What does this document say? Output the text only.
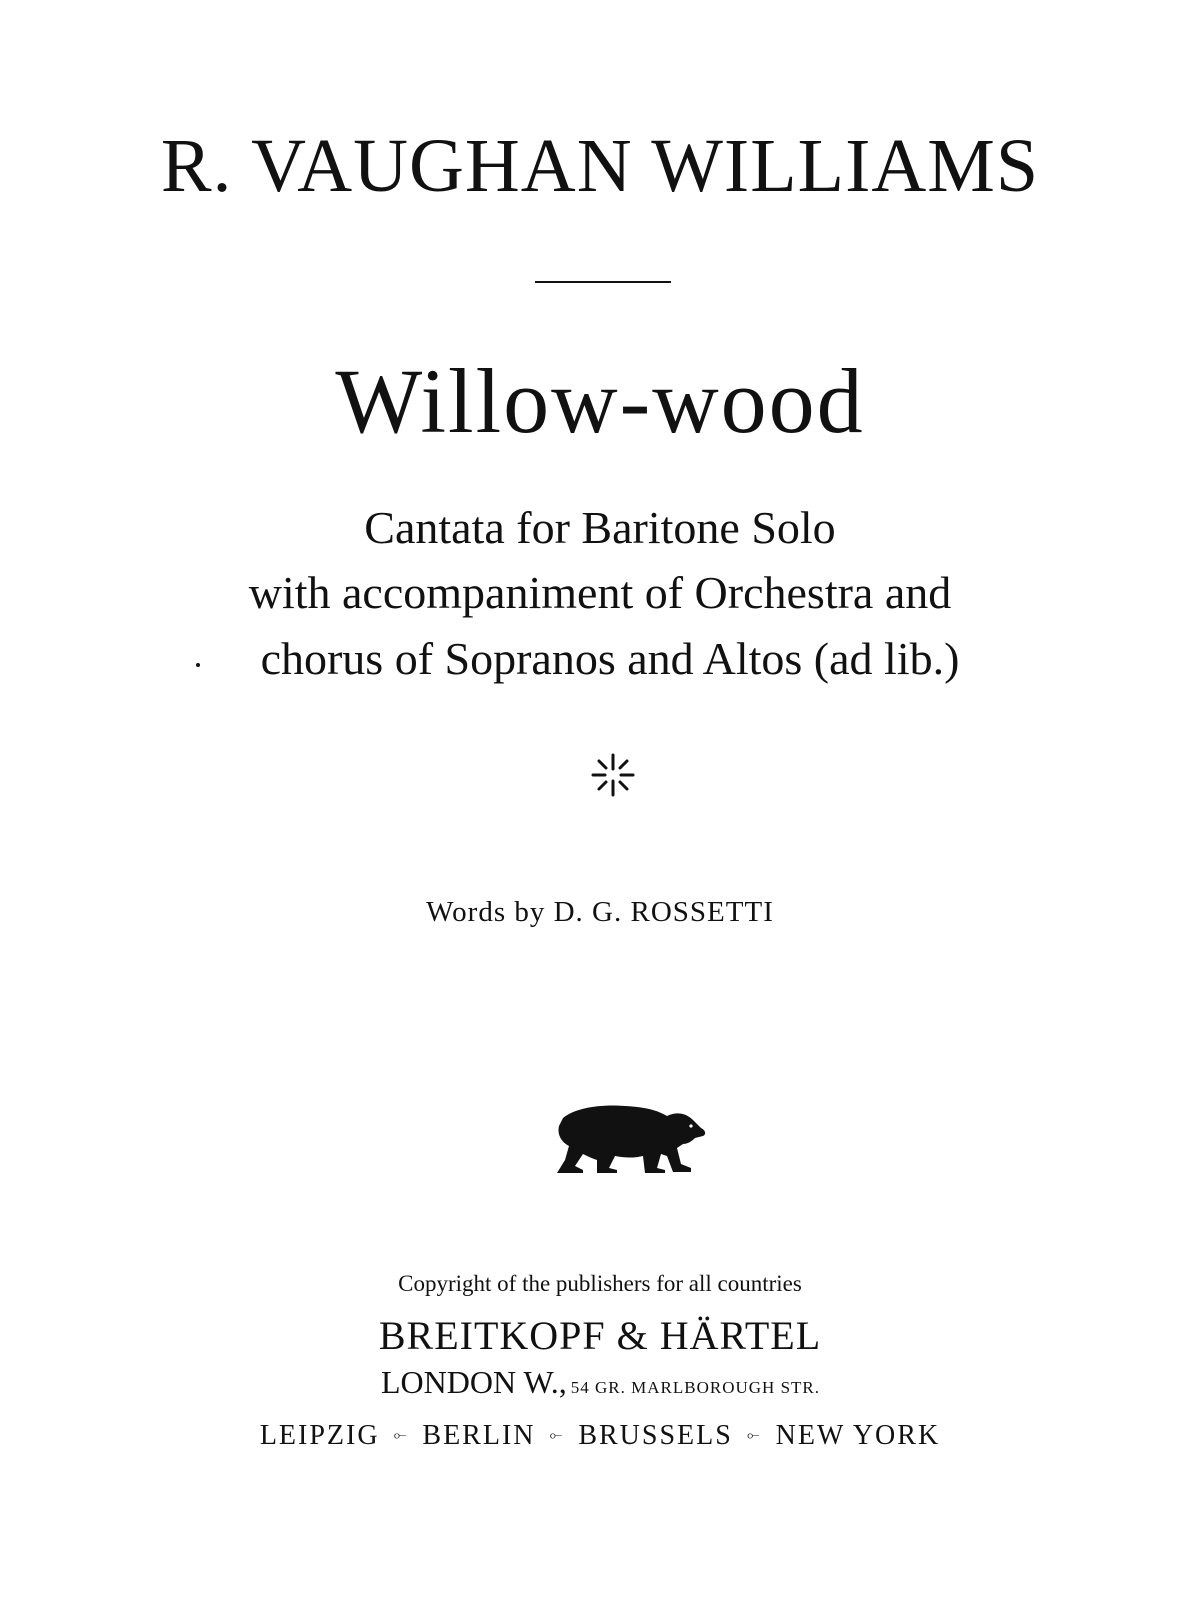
R. VAUGHAN WILLIAMS
Willow-wood
Cantata for Baritone Solo
with accompaniment of Orchestra and
chorus of Sopranos and Altos (ad lib.)
Words by D. G. ROSSETTI
Copyright of the publishers for all countries
BREITKOPF & HÄRTEL
LONDON W., 54 GR. MARLBOROUGH STR.
LEIPZIG ⟜ BERLIN ⟜ BRUSSELS ⟜ NEW YORK
